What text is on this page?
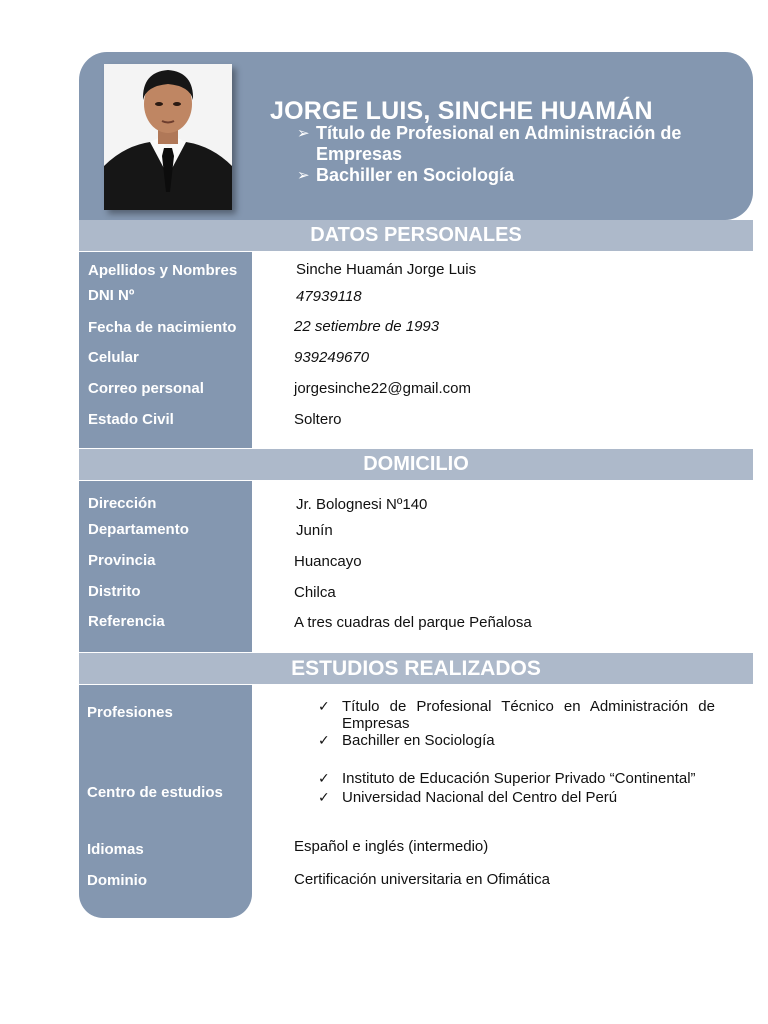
JORGE LUIS, SINCHE HUAMÁN
➢ Título de Profesional en Administración de Empresas
➢ Bachiller en Sociología
DATOS PERSONALES
Apellidos y Nombres	Sinche Huamán Jorge Luis
DNI Nº	47939118
Fecha de nacimiento	22 setiembre de 1993
Celular	939249670
Correo personal	jorgesinche22@gmail.com
Estado Civil	Soltero
DOMICILIO
Dirección	Jr. Bolognesi Nº140
Departamento	Junín
Provincia	Huancayo
Distrito	Chilca
Referencia	A tres cuadras del parque Peñalosa
ESTUDIOS REALIZADOS
Profesiones	✓ Título de Profesional Técnico en Administración de Empresas
✓ Bachiller en Sociología
Centro de estudios
✓ Instituto de Educación Superior Privado “Continental”
✓ Universidad Nacional del Centro del Perú
Idiomas	Español e inglés (intermedio)
Dominio	Certificación universitaria en Ofimática
